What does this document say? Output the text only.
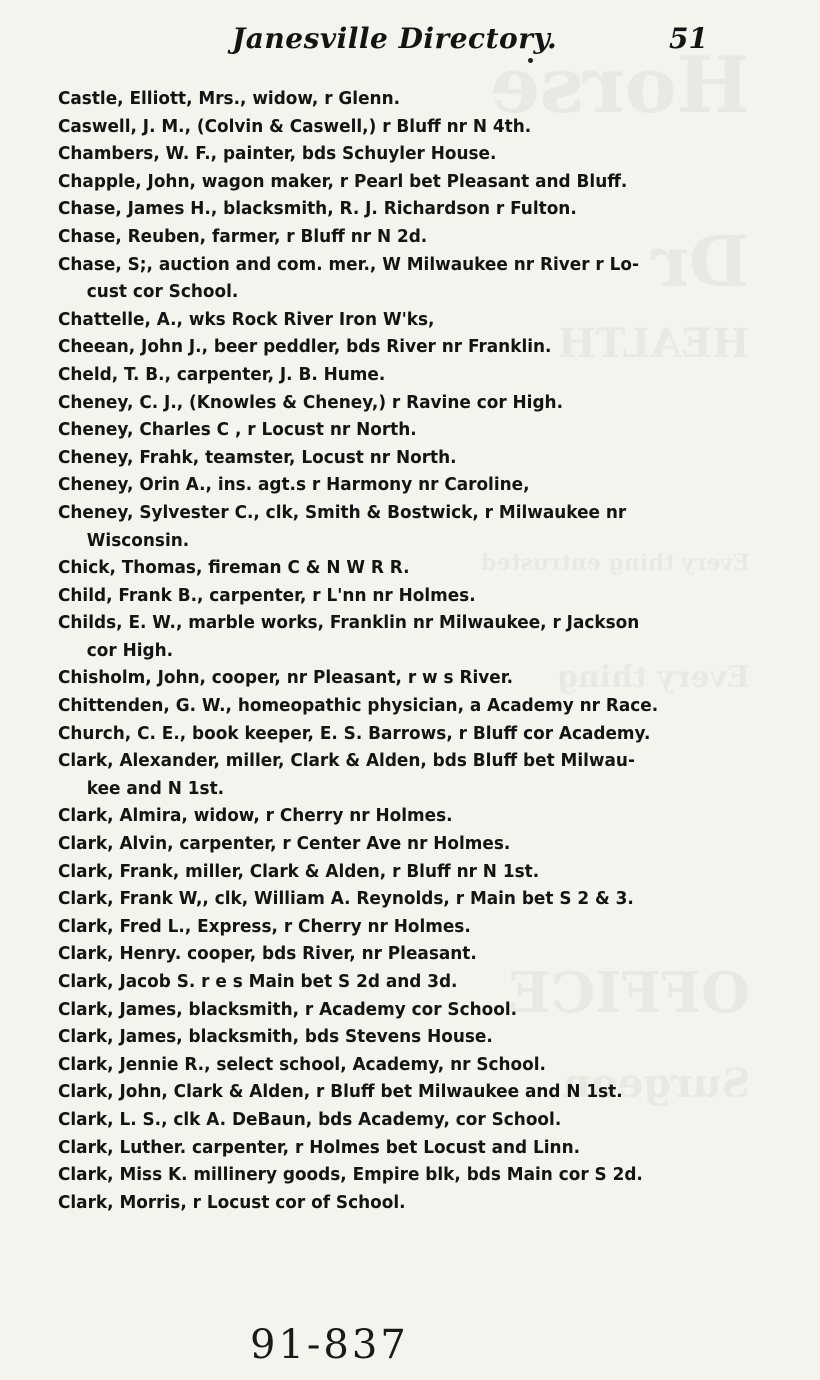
Janesville Directory.	51
Castle, Elliott, Mrs., widow, r Glenn.
Caswell, J. M., (Colvin & Caswell,) r Bluff nr N 4th.
Chambers, W. F., painter, bds Schuyler House.
Chapple, John, wagon maker, r Pearl bet Pleasant and Bluff.
Chase, James H., blacksmith, R. J. Richardson r Fulton.
Chase, Reuben, farmer, r Bluff nr N 2d.
Chase, S;, auction and com. mer., W Milwaukee nr River r Lo-
cust cor School.
Chattelle, A., wks Rock River Iron W'ks,
Cheean, John J., beer peddler, bds River nr Franklin.
Cheld, T. B., carpenter, J. B. Hume.
Cheney, C. J., (Knowles & Cheney,) r Ravine cor High.
Cheney, Charles C , r Locust nr North.
Cheney, Frahk, teamster, Locust nr North.
Cheney, Orin A., ins. agt.s r Harmony nr Caroline,
Cheney, Sylvester C., clk, Smith & Bostwick, r Milwaukee nr
Wisconsin.
Chick, Thomas, fireman C & N W R R.
Child, Frank B., carpenter, r L'nn nr Holmes.
Childs, E. W., marble works, Franklin nr Milwaukee, r Jackson
cor High.
Chisholm, John, cooper, nr Pleasant, r w s River.
Chittenden, G. W., homeopathic physician, a Academy nr Race.
Church, C. E., book keeper, E. S. Barrows, r Bluff cor Academy.
Clark, Alexander, miller, Clark & Alden, bds Bluff bet Milwau-
kee and N 1st.
Clark, Almira, widow, r Cherry nr Holmes.
Clark, Alvin, carpenter, r Center Ave nr Holmes.
Clark, Frank, miller, Clark & Alden, r Bluff nr N 1st.
Clark, Frank W,, clk, William A. Reynolds, r Main bet S 2 & 3.
Clark, Fred L., Express, r Cherry nr Holmes.
Clark, Henry. cooper, bds River, nr Pleasant.
Clark, Jacob S. r e s Main bet S 2d and 3d.
Clark, James, blacksmith, r Academy cor School.
Clark, James, blacksmith, bds Stevens House.
Clark, Jennie R., select school, Academy, nr School.
Clark, John, Clark & Alden, r Bluff bet Milwaukee and N 1st.
Clark, L. S., clk A. DeBaun, bds Academy, cor School.
Clark, Luther. carpenter, r Holmes bet Locust and Linn.
Clark, Miss K. millinery goods, Empire blk, bds Main cor S 2d.
Clark, Morris, r Locust cor of School.
91-837
